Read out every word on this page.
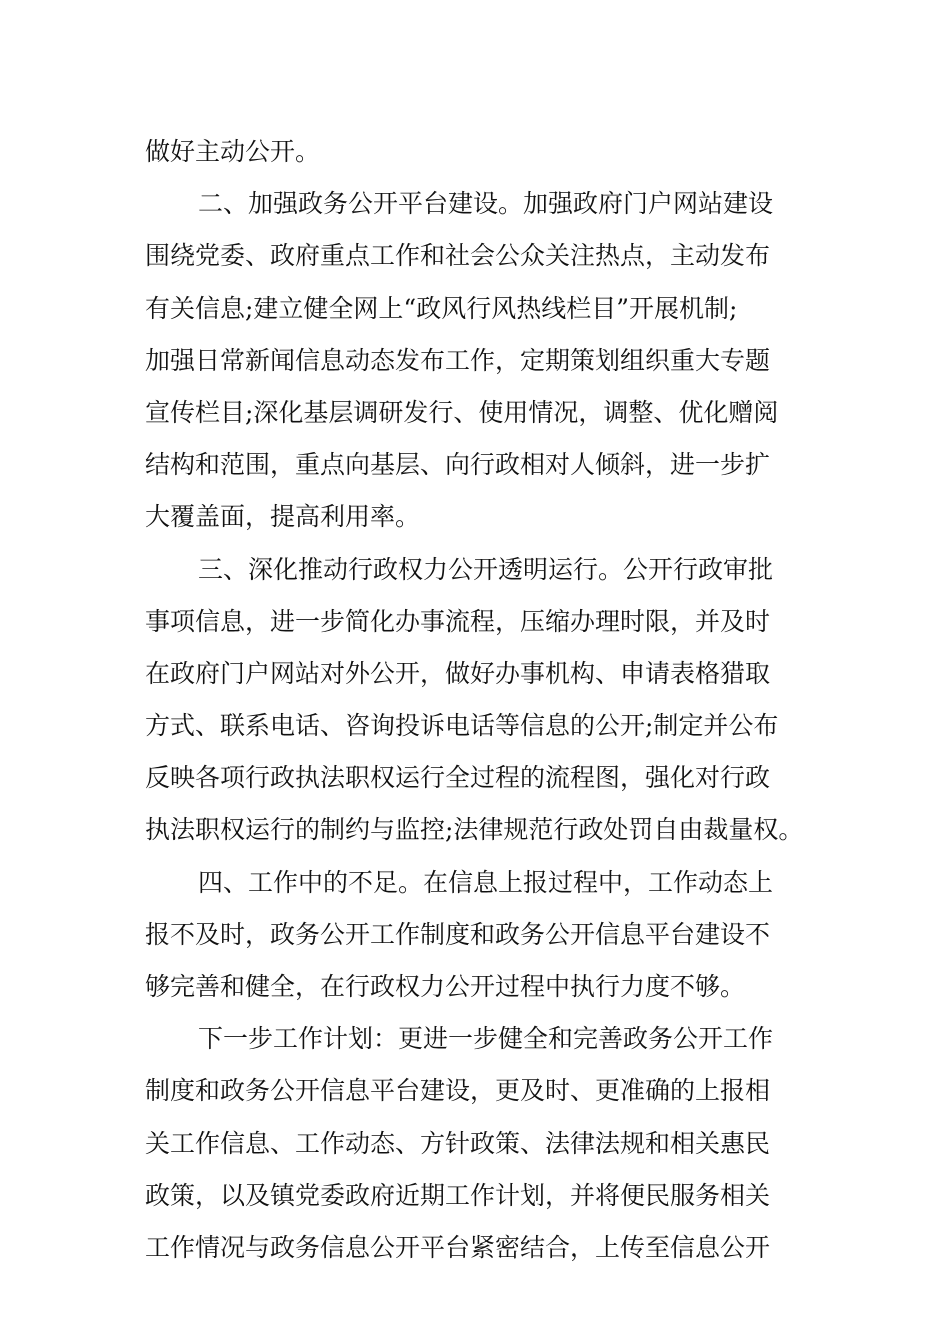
做好主动公开。
二、加强政务公开平台建设。加强政府门户网站建设
围绕党委、政府重点工作和社会公众关注热点，主动发布
有关信息;建立健全网上“政风行风热线栏目”开展机制;
加强日常新闻信息动态发布工作，定期策划组织重大专题
宣传栏目;深化基层调研发行、使用情况，调整、优化赠阅
结构和范围，重点向基层、向行政相对人倾斜，进一步扩
大覆盖面，提高利用率。
三、深化推动行政权力公开透明运行。公开行政审批
事项信息，进一步简化办事流程，压缩办理时限，并及时
在政府门户网站对外公开，做好办事机构、申请表格猎取
方式、联系电话、咨询投诉电话等信息的公开;制定并公布
反映各项行政执法职权运行全过程的流程图，强化对行政
执法职权运行的制约与监控;法律规范行政处罚自由裁量权。
四、工作中的不足。在信息上报过程中，工作动态上
报不及时，政务公开工作制度和政务公开信息平台建设不
够完善和健全，在行政权力公开过程中执行力度不够。
下一步工作计划：更进一步健全和完善政务公开工作
制度和政务公开信息平台建设，更及时、更准确的上报相
关工作信息、工作动态、方针政策、法律法规和相关惠民
政策，以及镇党委政府近期工作计划，并将便民服务相关
工作情况与政务信息公开平台紧密结合，上传至信息公开
